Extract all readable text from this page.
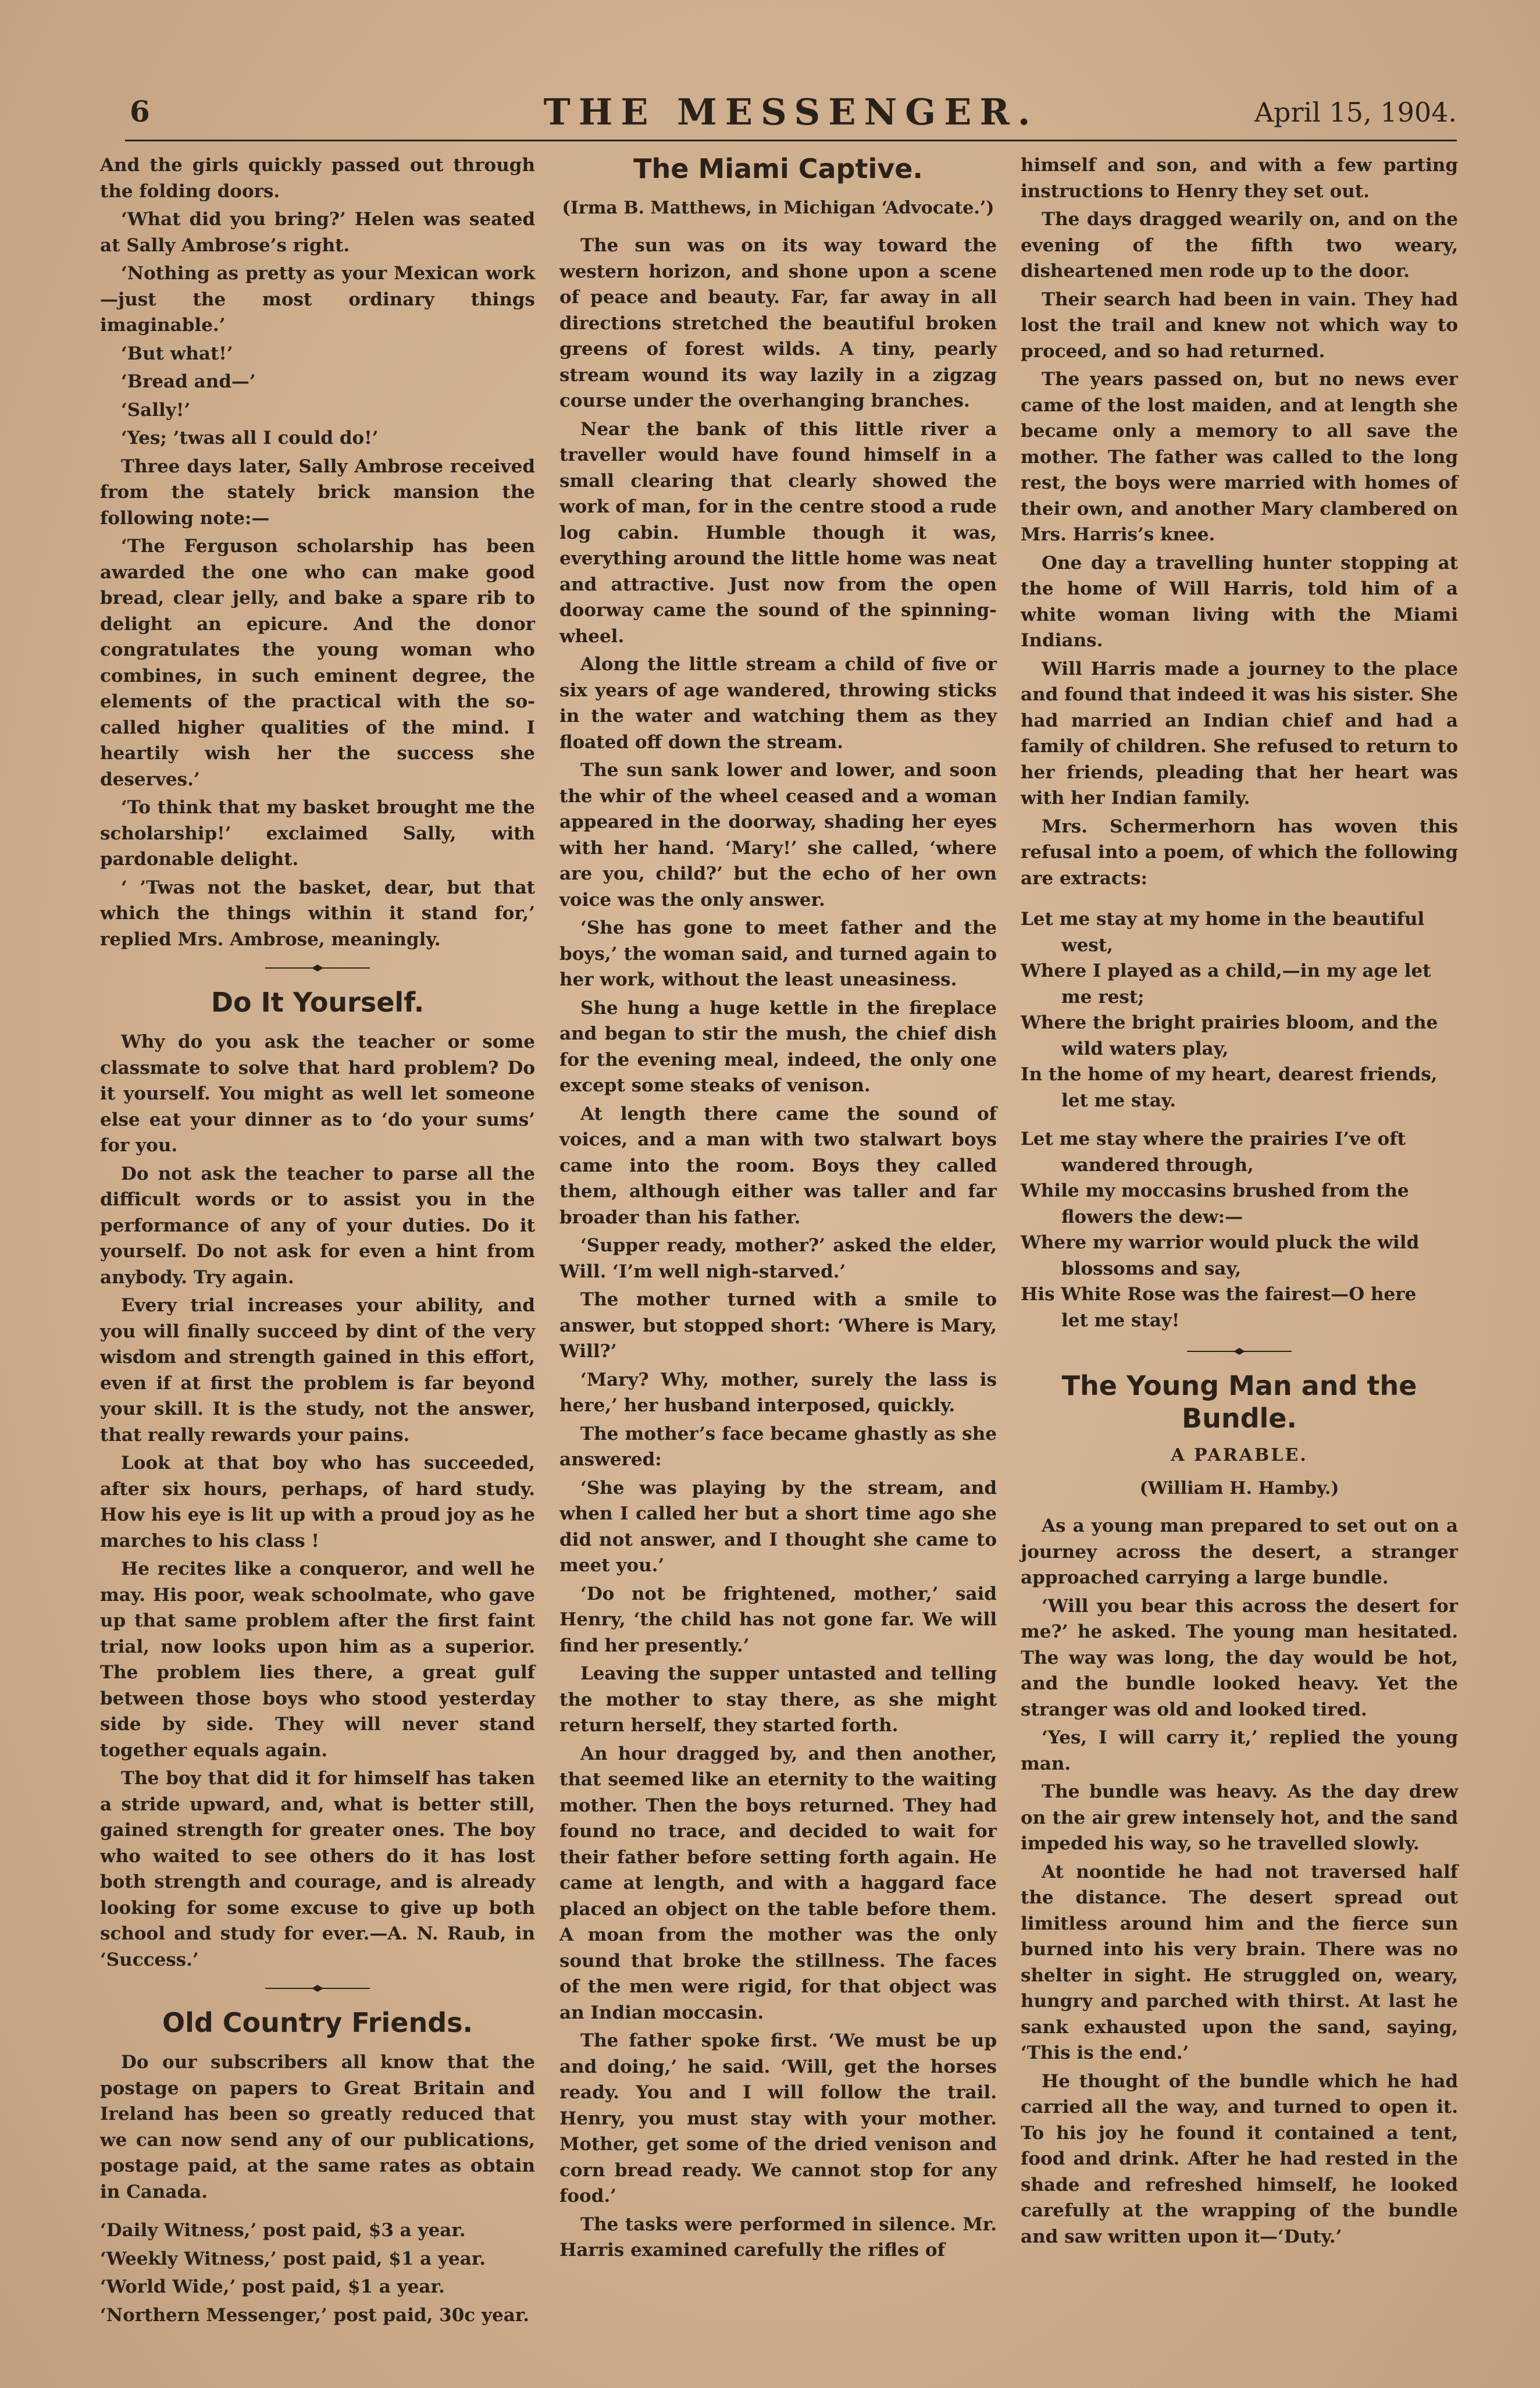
6	THE MESSENGER.	April 15, 1904.

And the girls quickly passed out through the folding doors.

‘What did you bring?’ Helen was seated at Sally Ambrose’s right.

‘Nothing as pretty as your Mexican work—just the most ordinary things imaginable.’

‘But what!’

‘Bread and—’

‘Sally!’

‘Yes; ’twas all I could do!’

Three days later, Sally Ambrose received from the stately brick mansion the following note:—

‘The Ferguson scholarship has been awarded the one who can make good bread, clear jelly, and bake a spare rib to delight an epicure. And the donor congratulates the young woman who combines, in such eminent degree, the elements of the practical with the so-called higher qualities of the mind. I heartily wish her the success she deserves.’

‘To think that my basket brought me the scholarship!’ exclaimed Sally, with pardonable delight.

‘ ’Twas not the basket, dear, but that which the things within it stand for,’ replied Mrs. Ambrose, meaningly.

Do It Yourself.

Why do you ask the teacher or some classmate to solve that hard problem? Do it yourself. You might as well let someone else eat your dinner as to ‘do your sums’ for you.

Do not ask the teacher to parse all the difficult words or to assist you in the performance of any of your duties. Do it yourself. Do not ask for even a hint from anybody. Try again.

Every trial increases your ability, and you will finally succeed by dint of the very wisdom and strength gained in this effort, even if at first the problem is far beyond your skill. It is the study, not the answer, that really rewards your pains.

Look at that boy who has succeeded, after six hours, perhaps, of hard study. How his eye is lit up with a proud joy as he marches to his class !

He recites like a conqueror, and well he may. His poor, weak schoolmate, who gave up that same problem after the first faint trial, now looks upon him as a superior. The problem lies there, a great gulf between those boys who stood yesterday side by side. They will never stand together equals again.

The boy that did it for himself has taken a stride upward, and, what is better still, gained strength for greater ones. The boy who waited to see others do it has lost both strength and courage, and is already looking for some excuse to give up both school and study for ever.—A. N. Raub, in ‘Success.’

Old Country Friends.

Do our subscribers all know that the postage on papers to Great Britain and Ireland has been so greatly reduced that we can now send any of our publications, postage paid, at the same rates as obtain in Canada.

‘Daily Witness,’ post paid, $3 a year.

‘Weekly Witness,’ post paid, $1 a year.

‘World Wide,’ post paid, $1 a year.

‘Northern Messenger,’ post paid, 30c year.

The Miami Captive.
(Irma B. Matthews, in Michigan ‘Advocate.’)

The sun was on its way toward the western horizon, and shone upon a scene of peace and beauty. Far, far away in all directions stretched the beautiful broken greens of forest wilds. A tiny, pearly stream wound its way lazily in a zigzag course under the overhanging branches.

Near the bank of this little river a traveller would have found himself in a small clearing that clearly showed the work of man, for in the centre stood a rude log cabin. Humble though it was, everything around the little home was neat and attractive. Just now from the open doorway came the sound of the spinning-wheel.

Along the little stream a child of five or six years of age wandered, throwing sticks in the water and watching them as they floated off down the stream.

The sun sank lower and lower, and soon the whir of the wheel ceased and a woman appeared in the doorway, shading her eyes with her hand. ‘Mary!’ she called, ‘where are you, child?’ but the echo of her own voice was the only answer.

‘She has gone to meet father and the boys,’ the woman said, and turned again to her work, without the least uneasiness.

She hung a huge kettle in the fireplace and began to stir the mush, the chief dish for the evening meal, indeed, the only one except some steaks of venison.

At length there came the sound of voices, and a man with two stalwart boys came into the room. Boys they called them, although either was taller and far broader than his father.

‘Supper ready, mother?’ asked the elder, Will. ‘I’m well nigh-starved.’

The mother turned with a smile to answer, but stopped short: ‘Where is Mary, Will?’

‘Mary? Why, mother, surely the lass is here,’ her husband interposed, quickly.

The mother’s face became ghastly as she answered:

‘She was playing by the stream, and when I called her but a short time ago she did not answer, and I thought she came to meet you.’

‘Do not be frightened, mother,’ said Henry, ‘the child has not gone far. We will find her presently.’

Leaving the supper untasted and telling the mother to stay there, as she might return herself, they started forth.

An hour dragged by, and then another, that seemed like an eternity to the waiting mother. Then the boys returned. They had found no trace, and decided to wait for their father before setting forth again. He came at length, and with a haggard face placed an object on the table before them. A moan from the mother was the only sound that broke the stillness. The faces of the men were rigid, for that object was an Indian moccasin.

The father spoke first. ‘We must be up and doing,’ he said. ‘Will, get the horses ready. You and I will follow the trail. Henry, you must stay with your mother. Mother, get some of the dried venison and corn bread ready. We cannot stop for any food.’

The tasks were performed in silence. Mr. Harris examined carefully the rifles of

himself and son, and with a few parting instructions to Henry they set out.

The days dragged wearily on, and on the evening of the fifth two weary, disheartened men rode up to the door.

Their search had been in vain. They had lost the trail and knew not which way to proceed, and so had returned.

The years passed on, but no news ever came of the lost maiden, and at length she became only a memory to all save the mother. The father was called to the long rest, the boys were married with homes of their own, and another Mary clambered on Mrs. Harris’s knee.

One day a travelling hunter stopping at the home of Will Harris, told him of a white woman living with the Miami Indians.

Will Harris made a journey to the place and found that indeed it was his sister. She had married an Indian chief and had a family of children. She refused to return to her friends, pleading that her heart was with her Indian family.

Mrs. Schermerhorn has woven this refusal into a poem, of which the following are extracts:

Let me stay at my home in the beautiful
west,
Where I played as a child,—in my age let
me rest;
Where the bright prairies bloom, and the
wild waters play,
In the home of my heart, dearest friends,
let me stay.
Let me stay where the prairies I’ve oft
wandered through,
While my moccasins brushed from the
flowers the dew:—
Where my warrior would pluck the wild
blossoms and say,
His White Rose was the fairest—O here
let me stay!
The Young Man and the Bundle.
A PARABLE.
(William H. Hamby.)

As a young man prepared to set out on a journey across the desert, a stranger approached carrying a large bundle.

‘Will you bear this across the desert for me?’ he asked. The young man hesitated. The way was long, the day would be hot, and the bundle looked heavy. Yet the stranger was old and looked tired.

‘Yes, I will carry it,’ replied the young man.

The bundle was heavy. As the day drew on the air grew intensely hot, and the sand impeded his way, so he travelled slowly.

At noontide he had not traversed half the distance. The desert spread out limitless around him and the fierce sun burned into his very brain. There was no shelter in sight. He struggled on, weary, hungry and parched with thirst. At last he sank exhausted upon the sand, saying, ‘This is the end.’

He thought of the bundle which he had carried all the way, and turned to open it. To his joy he found it contained a tent, food and drink. After he had rested in the shade and refreshed himself, he looked carefully at the wrapping of the bundle and saw written upon it—‘Duty.’
